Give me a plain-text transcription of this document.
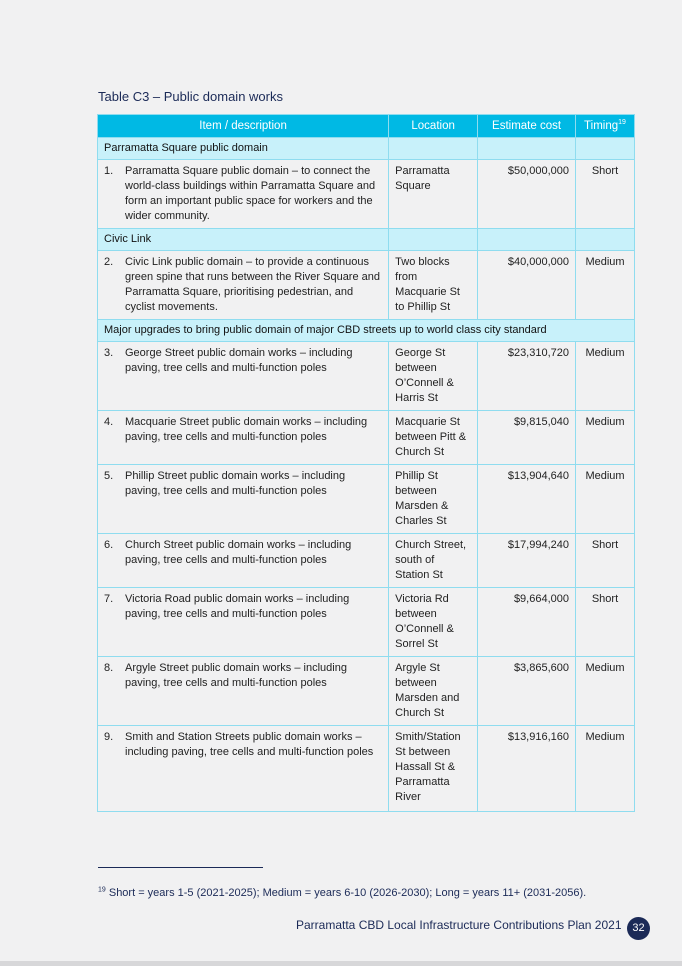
Table C3 – Public domain works
Item / description	Location	Estimate cost	Timing$^{19}$
Parramatta Square public domain			

1. Parramatta Square public domain – to connect the world-class buildings within Parramatta Square and form an important public space for workers and the wider community.	Parramatta Square	$50,000,000	Short
Civic Link			

2. Civic Link public domain – to provide a continuous green spine that runs between the River Square and Parramatta Square, prioritising pedestrian, and cyclist movements.	Two blocks from Macquarie St to Phillip St	$40,000,000	Medium
Major upgrades to bring public domain of major CBD streets up to world class city standard			

3. George Street public domain works – including paving, tree cells and multi-function poles	George St between O’Connell & Harris St	$23,310,720	Medium

4. Macquarie Street public domain works – including paving, tree cells and multi-function poles	Macquarie St between Pitt & Church St	$9,815,040	Medium

5. Phillip Street public domain works – including paving, tree cells and multi-function poles	Phillip St between Marsden & Charles St	$13,904,640	Medium

6. Church Street public domain works – including paving, tree cells and multi-function poles	Church Street, south of Station St	$17,994,240	Short

7. Victoria Road public domain works – including paving, tree cells and multi-function poles	Victoria Rd between O’Connell & Sorrel St	$9,664,000	Short

8. Argyle Street public domain works – including paving, tree cells and multi-function poles	Argyle St between Marsden and Church St	$3,865,600	Medium

9. Smith and Station Streets public domain works – including paving, tree cells and multi-function poles	Smith/Station St between Hassall St & Parramatta River	$13,916,160	Medium
$^{19}$ Short = years 1-5 (2021-2025); Medium = years 6-10 (2026-2030); Long = years 11+ (2031-2056).
Parramatta CBD Local Infrastructure Contributions Plan 2021 32
